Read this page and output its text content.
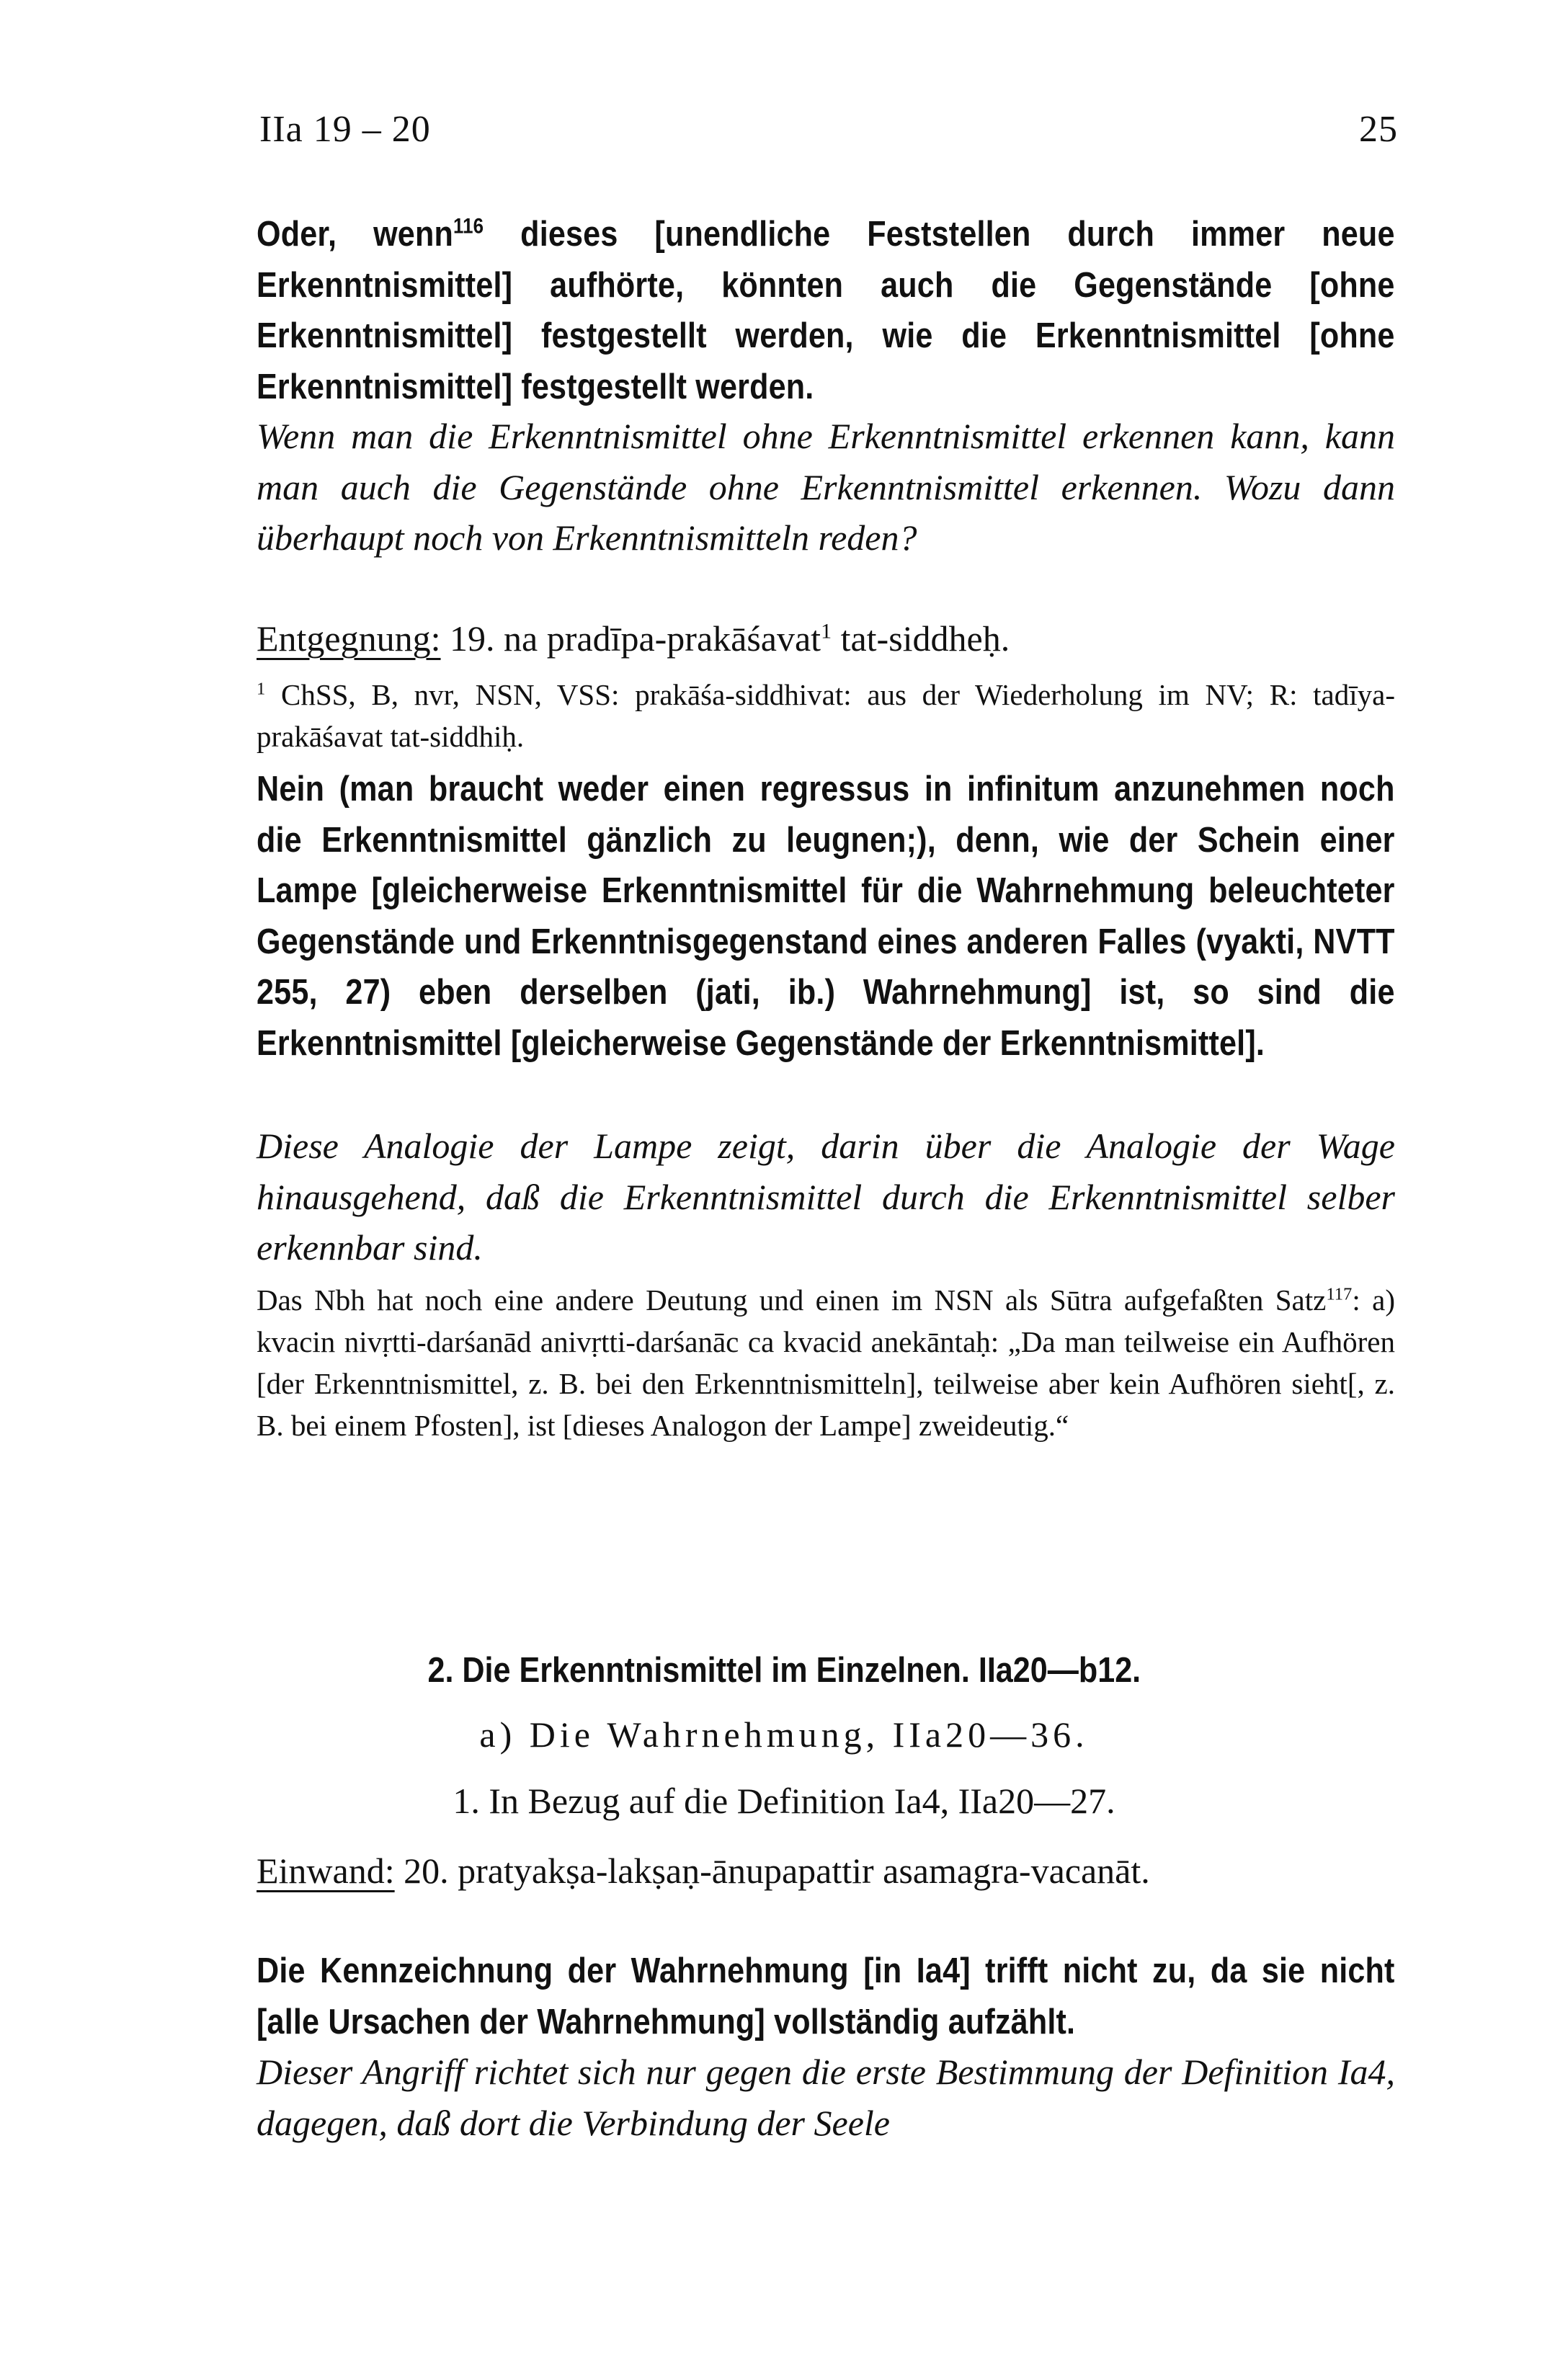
IIa 19 – 20	25
Oder, wenn$^{116}$ dieses [unendliche Feststellen durch immer neue Erkenntnismittel] aufhörte, könnten auch die Gegenstände [ohne Erkenntnismittel] festgestellt werden, wie die Erkenntnismittel [ohne Erkenntnismittel] festgestellt werden.
Wenn man die Erkenntnismittel ohne Erkenntnismittel erkennen kann, kann man auch die Gegenstände ohne Erkenntnismittel erkennen. Wozu dann überhaupt noch von Erkenntnismitteln reden?
Entgegnung: 19. na pradīpa-prakāśavat$^1$ tat-siddheḥ.
$^1$ ChSS, B, nvr, NSN, VSS: prakāśa-siddhivat: aus der Wiederholung im NV; R: tadīya-prakāśavat tat-siddhiḥ.
Nein (man braucht weder einen regressus in infinitum anzunehmen noch die Erkenntnismittel gänzlich zu leugnen;), denn, wie der Schein einer Lampe [gleicherweise Erkenntnismittel für die Wahrnehmung beleuchteter Gegenstände und Erkenntnisgegenstand eines anderen Falles (vyakti, NVTT 255, 27) eben derselben (jati, ib.) Wahrnehmung] ist, so sind die Erkenntnismittel [gleicherweise Gegenstände der Erkenntnismittel].
Diese Analogie der Lampe zeigt, darin über die Analogie der Wage hinausgehend, daß die Erkenntnismittel durch die Erkenntnismittel selber erkennbar sind.
Das Nbh hat noch eine andere Deutung und einen im NSN als Sūtra aufgefaßten Satz$^{117}$: a) kvacin nivṛtti-darśanād anivṛtti-darśanāc ca kvacid anekāntaḥ: „Da man teilweise ein Aufhören [der Erkenntnismittel, z. B. bei den Erkenntnismitteln], teilweise aber kein Aufhören sieht[, z. B. bei einem Pfosten], ist [dieses Analogon der Lampe] zweideutig.“
2. Die Erkenntnismittel im Einzelnen. IIa20—b12.
a) Die Wahrnehmung, IIa20—36.
1. In Bezug auf die Definition Ia4, IIa20—27.
Einwand: 20. pratyakṣa-lakṣaṇ-ānupapattir asamagra-vacanāt.
Die Kennzeichnung der Wahrnehmung [in Ia4] trifft nicht zu, da sie nicht [alle Ursachen der Wahrnehmung] vollständig aufzählt.
Dieser Angriff richtet sich nur gegen die erste Bestimmung der Definition Ia4, dagegen, daß dort die Verbindung der Seele
